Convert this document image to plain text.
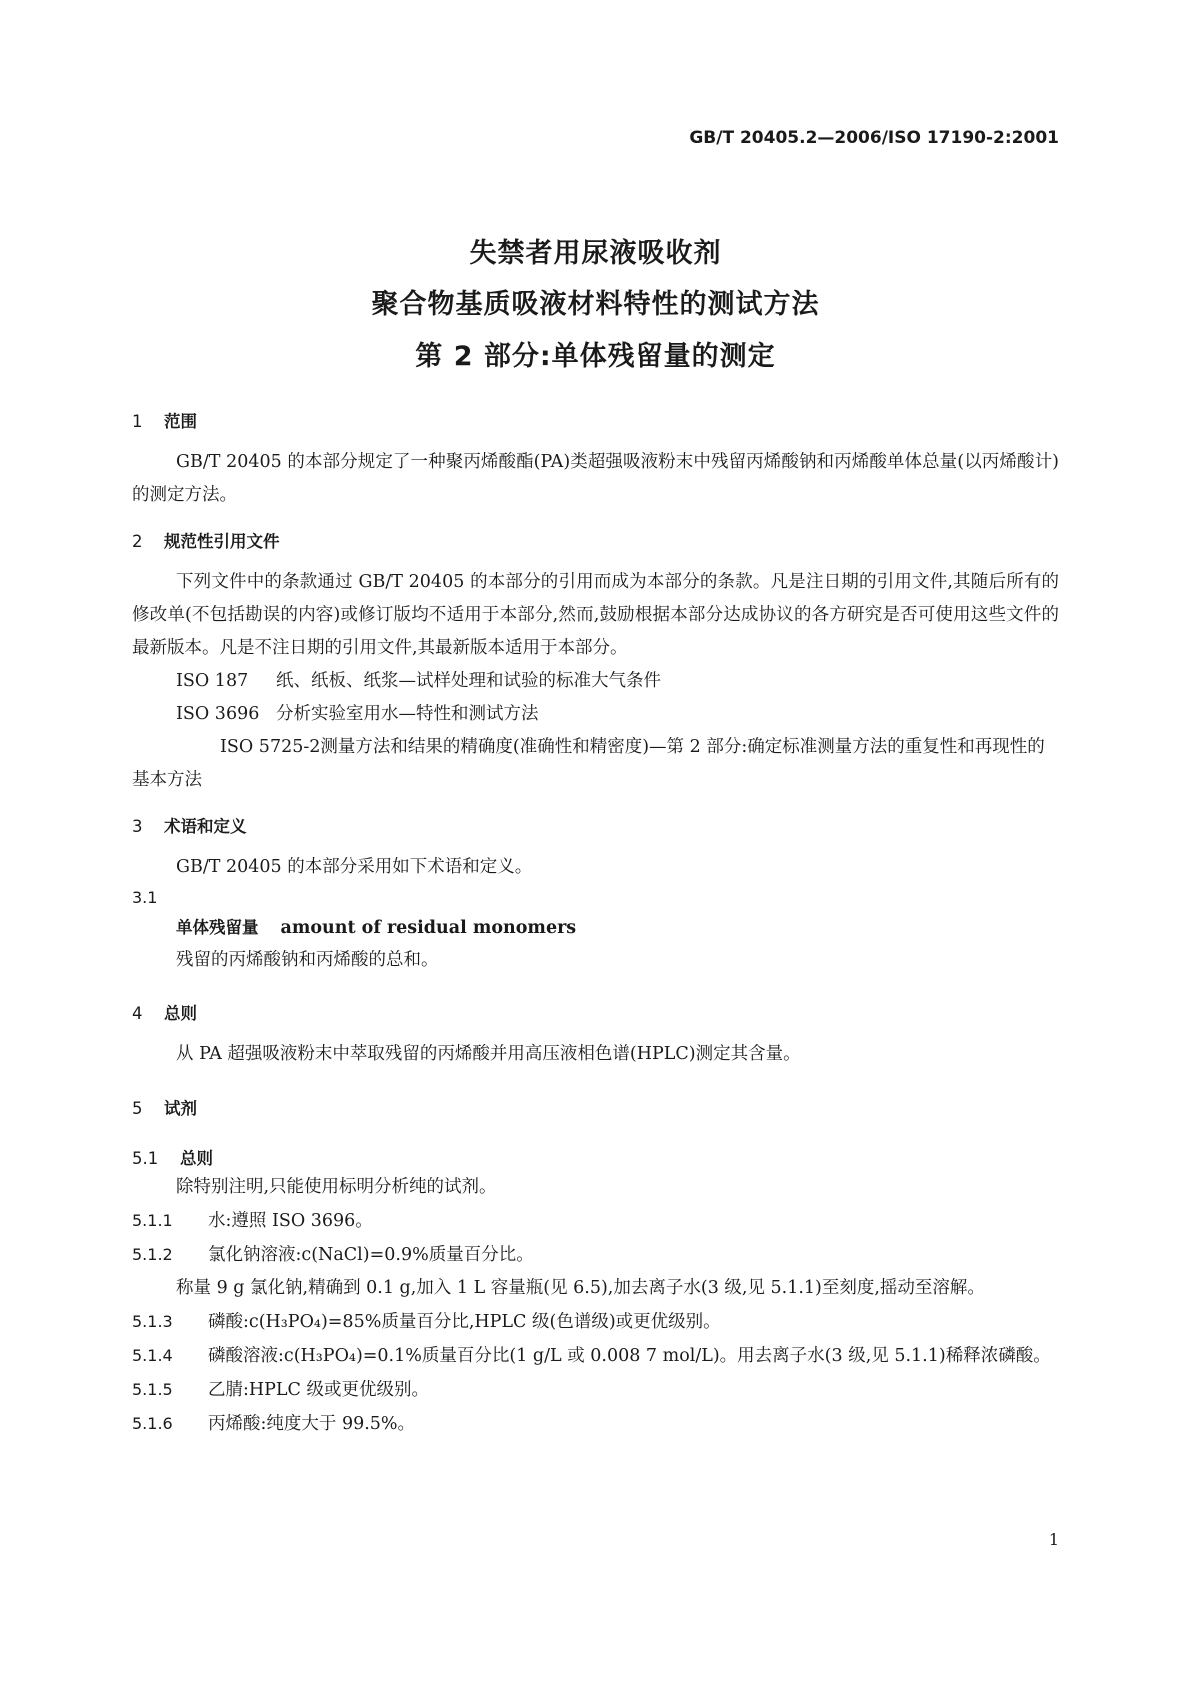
GB/T 20405.2—2006/ISO 17190-2:2001
失禁者用尿液吸收剂
聚合物基质吸液材料特性的测试方法
第 2 部分:单体残留量的测定
1 范围

GB/T 20405 的本部分规定了一种聚丙烯酸酯(PA)类超强吸液粉末中残留丙烯酸钠和丙烯酸单体总量(以丙烯酸计)的测定方法。

2 规范性引用文件

下列文件中的条款通过 GB/T 20405 的本部分的引用而成为本部分的条款。凡是注日期的引用文件,其随后所有的修改单(不包括勘误的内容)或修订版均不适用于本部分,然而,鼓励根据本部分达成协议的各方研究是否可使用这些文件的最新版本。凡是不注日期的引用文件,其最新版本适用于本部分。

ISO 187 纸、纸板、纸浆—试样处理和试验的标准大气条件

ISO 3696 分析实验室用水—特性和测试方法

ISO 5725-2测量方法和结果的精确度(准确性和精密度)—第 2 部分:确定标准测量方法的重复性和再现性的基本方法

3 术语和定义

GB/T 20405 的本部分采用如下术语和定义。

3.1

单体残留量 amount of residual monomers

残留的丙烯酸钠和丙烯酸的总和。

4 总则

从 PA 超强吸液粉末中萃取残留的丙烯酸并用高压液相色谱(HPLC)测定其含量。

5 试剂
5.1 总则

除特别注明,只能使用标明分析纯的试剂。

5.1.1 水:遵照 ISO 3696。

5.1.2 氯化钠溶液:c(NaCl)=0.9%质量百分比。

称量 9 g 氯化钠,精确到 0.1 g,加入 1 L 容量瓶(见 6.5),加去离子水(3 级,见 5.1.1)至刻度,摇动至溶解。

5.1.3 磷酸:c(H₃PO₄)=85%质量百分比,HPLC 级(色谱级)或更优级别。

5.1.4 磷酸溶液:c(H₃PO₄)=0.1%质量百分比(1 g/L 或 0.008 7 mol/L)。用去离子水(3 级,见 5.1.1)稀释浓磷酸。

5.1.5 乙腈:HPLC 级或更优级别。

5.1.6 丙烯酸:纯度大于 99.5%。

1
